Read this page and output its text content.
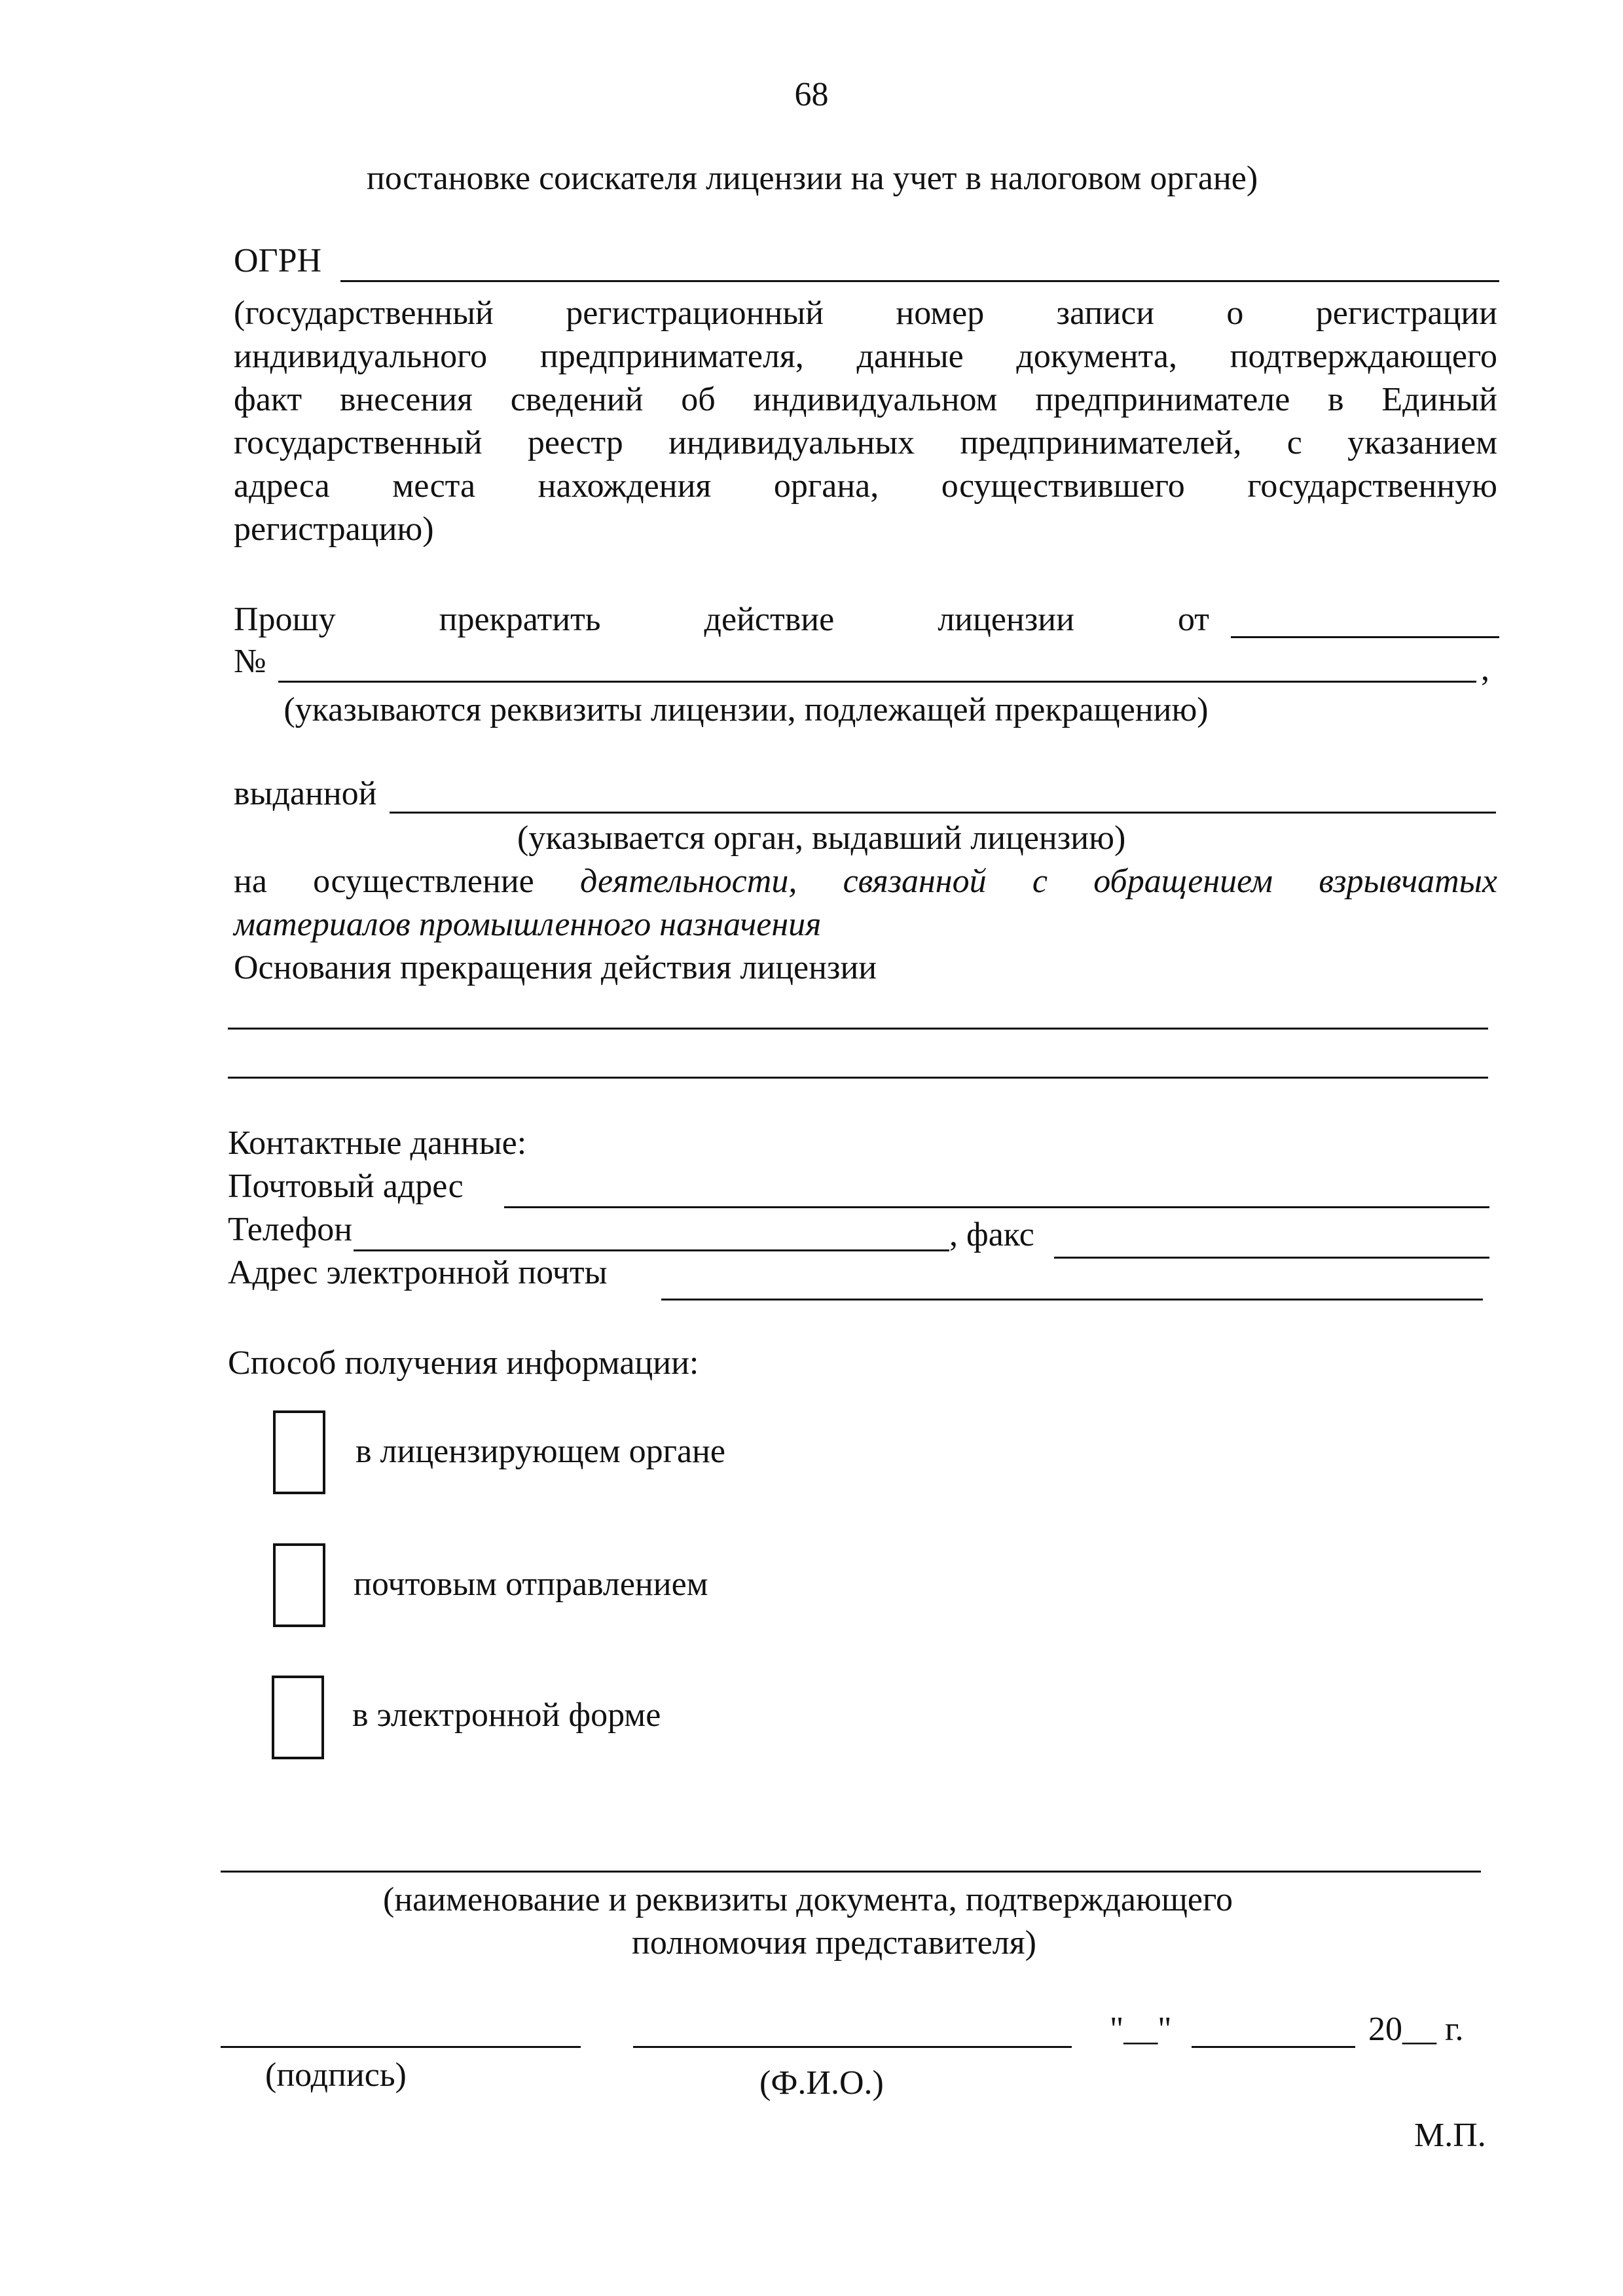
68
постановке соискателя лицензии на учет в налоговом органе)
ОГРН
(государственный регистрационный номер записи о регистрации
индивидуального предпринимателя, данные документа, подтверждающего
факт внесения сведений об индивидуальном предпринимателе в Единый
государственный реестр индивидуальных предпринимателей, с указанием
адреса места нахождения органа, осуществившего государственную
регистрацию)
Прошу прекратить действие лицензии от
№	,
(указываются реквизиты лицензии, подлежащей прекращению)
выданной
(указывается орган, выдавший лицензию)
на осуществление деятельности, связанной с обращением взрывчатых
материалов промышленного назначения
Основания прекращения действия лицензии
Контактные данные:
Почтовый адрес
Телефон	, факс
Адрес электронной почты
Способ получения информации:
в лицензирующем органе
почтовым отправлением
в электронной форме
(наименование и реквизиты документа, подтверждающего
полномочия представителя)
"__"	20__ г.
(подпись)	(Ф.И.О.)
М.П.
